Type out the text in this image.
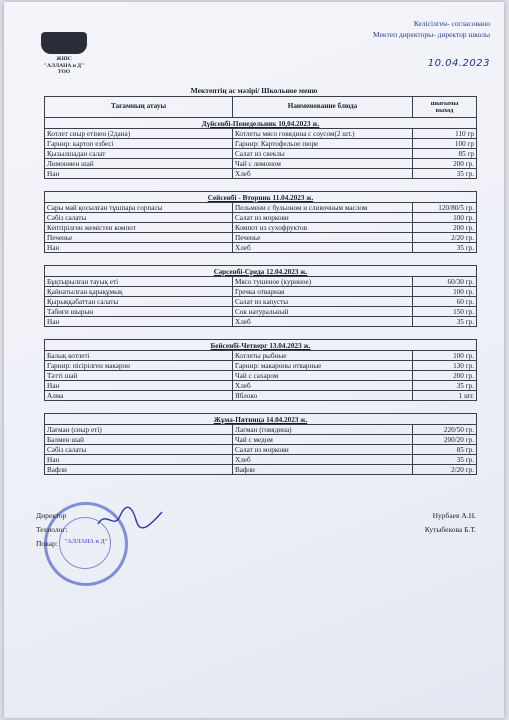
ЖШС
"АЛЛАНА и Д"
ТОО
Келісілген- согласовано
Мектеп директоры- директор школы
10.04.2023
Мектептің ас мәзірі/ Школьное меню
Тағамның атауы	Наименование блюда	шығымы
выход

Дүйсенбі-Понедельник 10,04.2023 ж.		
Котлет сиыр етінен (2дана)	Котлеты мясо говядина с соусом(2 шт.)	110 гр
Гарнир: картоп езбесі	Гарнир: Картофельое пюре	100 гр
Қызылшадан салат	Салат из свеклы	85 гр
Лимонмен шай	Чай с лимоном	200 гр.
Нан	Хлеб	35 гр.

Сейсенбі - Вторник 11.04.2023 ж.		
Сары май қосылған тұшпара сорпасы	Пельмени с бульоном и сливочным маслом	120/80/5 гр.
Сәбіз салаты	Салат из моркови	100 гр.
Кептірілген жемістен компот	Компот из сухофруктов	200 гр.
Печенье	Печенье	2/20 гр.
Нан	Хлеб	35 гр.

Сәрсенбі-Среда 12.04.2023 ж.		
Бұқтырылған тауық еті	Мясо тушеное (куриное)	60/30 гр.
Қайнатылған қарақұмық	Гречка отварная	100 гр.
Қырыққабаттан салаты	Салат из капусты	60 гр.
Табиғи шырын	Сок натуральный	150 гр.
Нан	Хлеб	35 гр.

Бейсенбі-Четверг 13.04.2023 ж.		
Балық котлеті	Котлеты рыбные	100 гр.
Гарнир: пісірілген макарон	Гарнир: макароны отварные	130 гр.
Тәтті шай	Чай с сахаром	200 гр.
Нан	Хлеб	35 гр.
Алма	Яблоко	1 шт.

Жұма-Пятница 14.04.2023 ж.		
Лағман (сиыр еті)	Лагман (говядина)	220/50 гр.
Балмен шай	Чай с медом	200/20 гр.
Сәбіз салаты	Салат из моркови	85 гр.
Нан	Хлеб	35 гр.
Вафли	Вафли	2/20 гр.
"АЛЛАНА и Д"
Директор	Нурбаев А.Н.
Технолог:	Кутыбекова Б.Т.
Повар:
